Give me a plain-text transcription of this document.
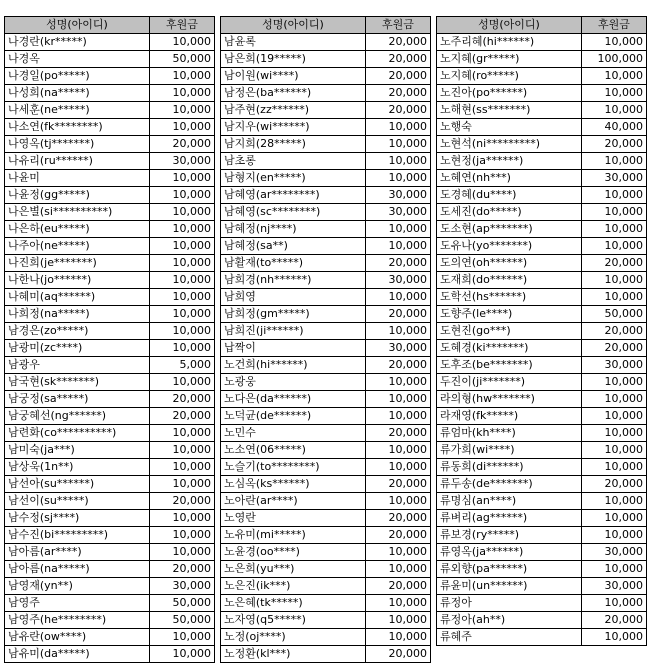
성명(아이디)	후원금
나경란(kr*****)	10,000
나경옥	50,000
나경일(po*****)	10,000
나성희(na*****)	10,000
나세훈(ne*****)	10,000
나소연(fk********)	10,000
나영옥(tj*******)	20,000
나유리(ru******)	30,000
나윤미	10,000
나윤정(gg*****)	10,000
나은별(si**********)	10,000
나은하(eu*****)	10,000
나주아(ne*****)	10,000
나진희(je*******)	10,000
나한나(jo******)	10,000
나혜미(aq******)	10,000
나희정(na*****)	10,000
남경은(zo*****)	10,000
남광미(zc****)	10,000
남광우	5,000
남국현(sk*******)	10,000
남궁정(sa*****)	20,000
남궁혜선(ng******)	20,000
남련화(co**********)	10,000
남미숙(ja***)	10,000
남상욱(1n**)	10,000
남선아(su******)	10,000
남선이(su*****)	20,000
남수정(sj****)	10,000
남수진(bi*********)	10,000
남아름(ar****)	10,000
남아름(na*****)	20,000
남영재(yn**)	30,000
남영주	50,000
남영주(he********)	50,000
남유란(ow****)	10,000
남유미(da*****)	10,000
성명(아이디)	후원금
남윤록	20,000
남은희(19*****)	20,000
남이원(wi****)	20,000
남정은(ba******)	20,000
남주현(zz******)	20,000
남지우(wi******)	10,000
남지희(28*****)	10,000
남초롱	10,000
남형지(en*****)	10,000
남혜영(ar********)	30,000
남혜영(sc********)	30,000
남혜정(nj****)	10,000
남혜정(sa**)	10,000
남활재(to*****)	20,000
남희경(nh******)	30,000
남희영	10,000
남희정(gm*****)	20,000
남희진(ji******)	10,000
납짝이	30,000
노건희(hi******)	20,000
노광웅	10,000
노다은(da******)	10,000
노덕균(de******)	10,000
노민수	20,000
노소연(06*****)	10,000
노슬기(to********)	10,000
노심옥(ks******)	20,000
노아란(ar****)	10,000
노영란	20,000
노유미(mi*****)	20,000
노윤경(oo****)	10,000
노은희(yu***)	10,000
노은진(ik***)	20,000
노은혜(tk*****)	10,000
노자영(q5*****)	10,000
노정(oj****)	10,000
노정환(kl***)	20,000
성명(아이디)	후원금
노주리혜(hi******)	10,000
노지혜(gr*****)	100,000
노지혜(ro*****)	10,000
노진아(po******)	10,000
노해현(ss*******)	10,000
노행숙	40,000
노현석(ni*********)	20,000
노현정(ja******)	10,000
노혜연(nh***)	30,000
도경혜(du****)	10,000
도세진(do*****)	10,000
도소현(ap*******)	10,000
도유나(yo*******)	10,000
도의연(oh******)	20,000
도재희(do******)	10,000
도학선(hs******)	10,000
도향주(le****)	50,000
도현진(go***)	20,000
도혜경(ki*******)	20,000
도후조(be*******)	30,000
두진이(ji*******)	10,000
라의형(hw*******)	10,000
라재영(fk*****)	10,000
류엄마(kh****)	10,000
류가희(wi****)	10,000
류동희(di******)	10,000
류두송(de*******)	20,000
류명심(an****)	10,000
류벼리(ag******)	10,000
류보경(ry*****)	10,000
류영옥(ja******)	30,000
류외향(pa******)	10,000
류윤미(un******)	30,000
류정아	10,000
류정아(ah**)	20,000
류혜주	10,000
